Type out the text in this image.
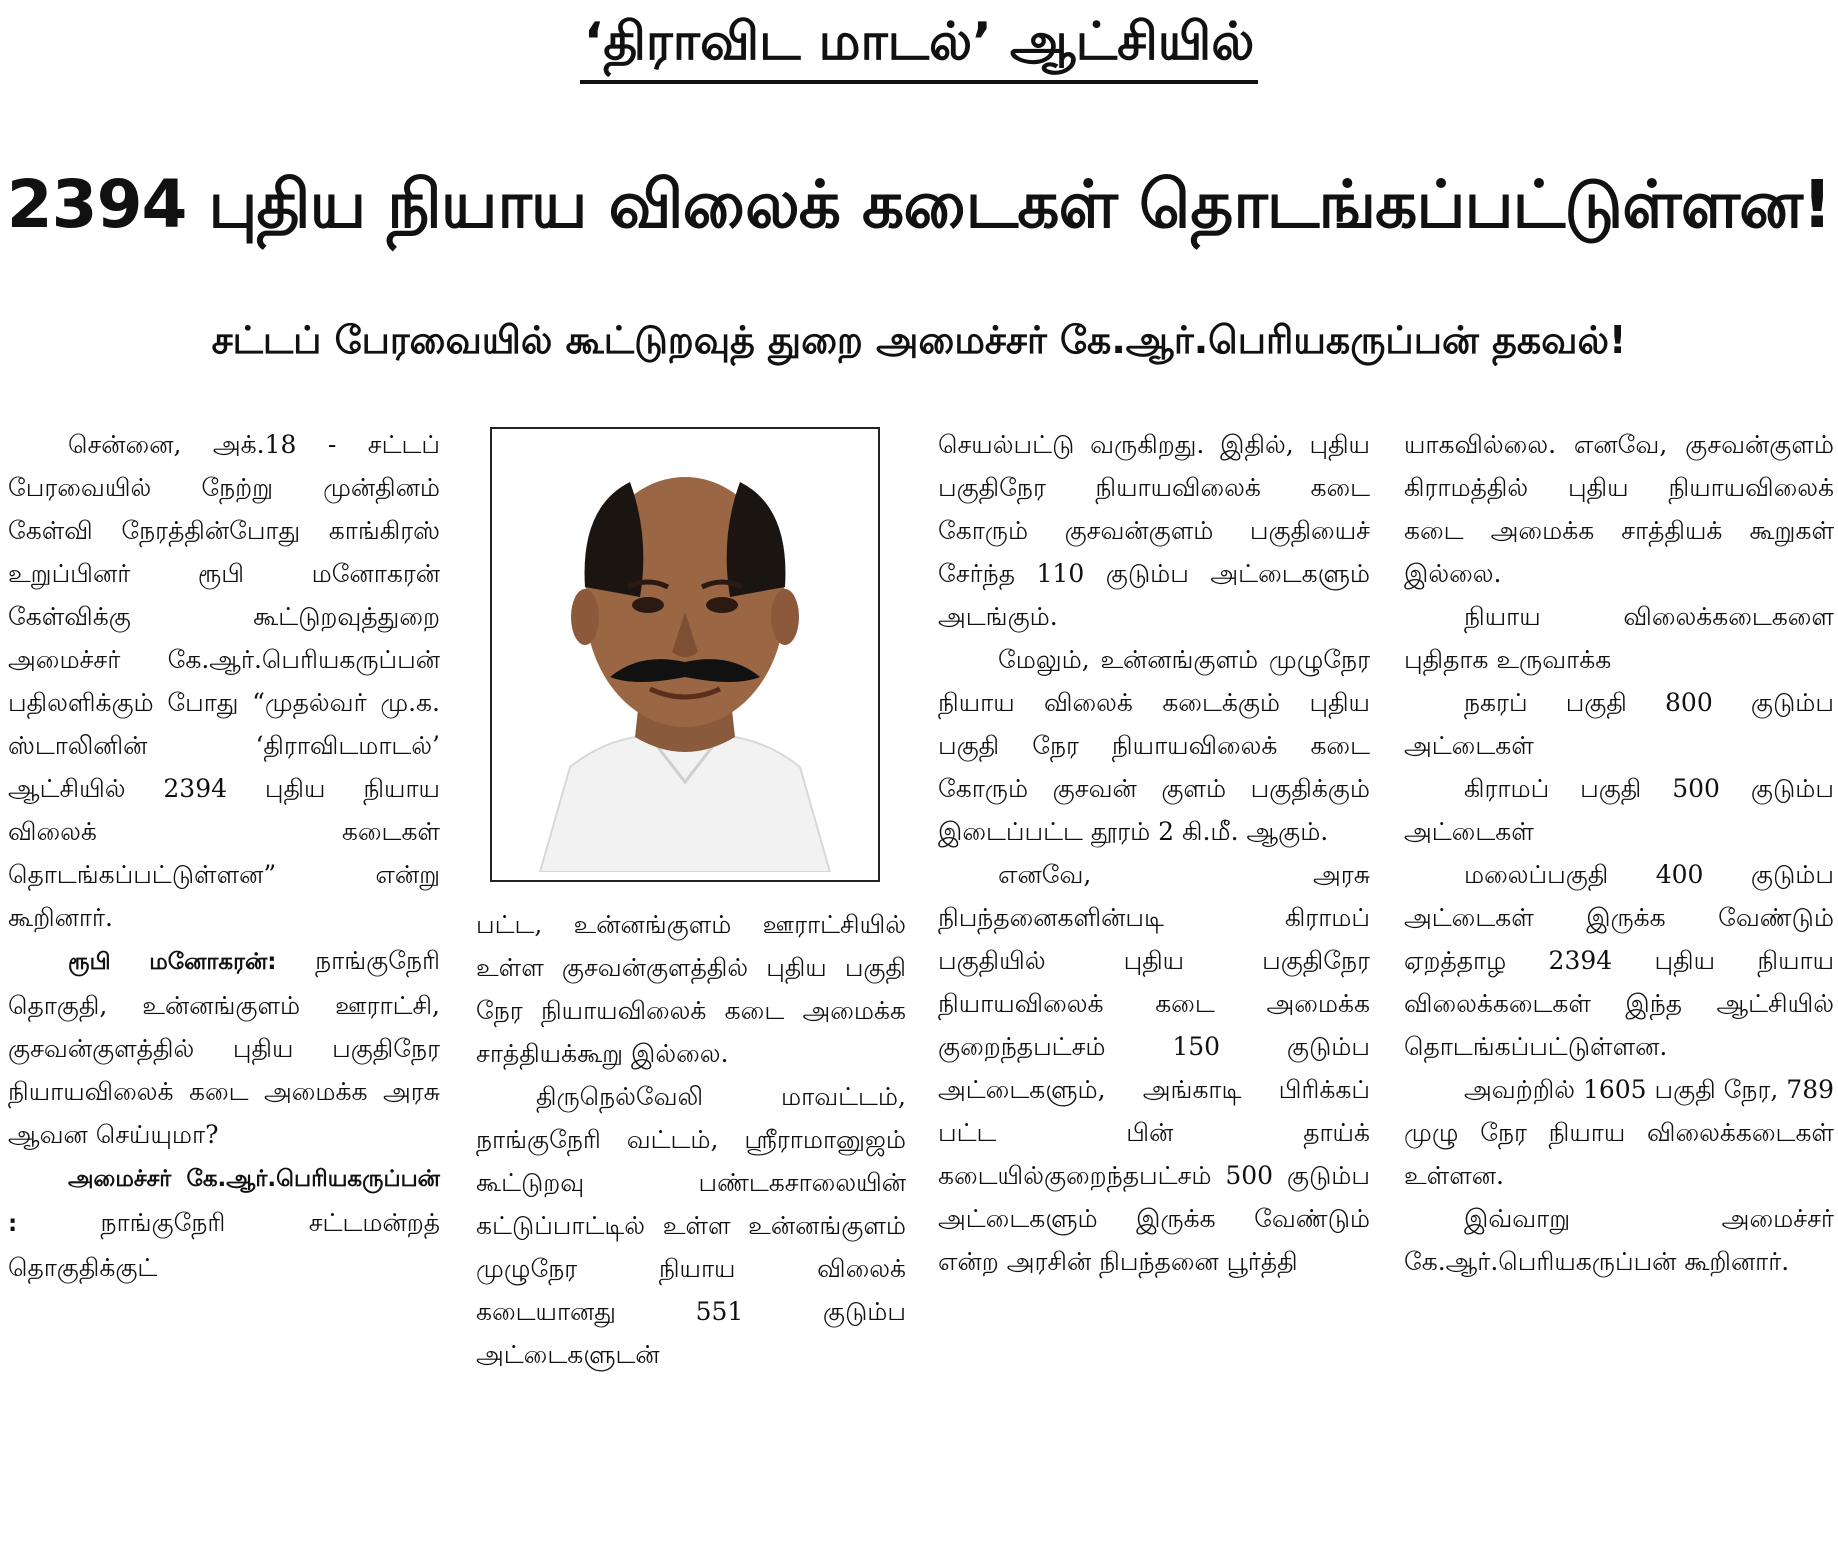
‘திராவிட மாடல்’ ஆட்சியில்
2394 புதிய நியாய விலைக் கடைகள் தொடங்கப்பட்டுள்ளன!
சட்டப் பேரவையில் கூட்டுறவுத் துறை அமைச்சர் கே.ஆர்.பெரியகருப்பன் தகவல்!

சென்னை, அக்.18 - சட்டப் பேரவையில் நேற்று முன்தினம் கேள்வி நேரத்தின்போது காங்கிரஸ் உறுப்பினர் ரூபி மனோகரன் கேள்விக்கு கூட்டுறவுத்துறை அமைச்சர் கே.ஆர்.பெரியகருப்பன் பதிலளிக்கும் போது “முதல்வர் மு.க. ஸ்டாலினின் ‘திராவிடமாடல்’ ஆட்சியில் 2394 புதிய நியாய விலைக் கடைகள் தொடங்கப்பட்டுள்ளன” என்று கூறினார்.

ரூபி மனோகரன்: நாங்குநேரி தொகுதி, உன்னங்குளம் ஊராட்சி, குசவன்குளத்தில் புதிய பகுதிநேர நியாயவிலைக் கடை அமைக்க அரசு ஆவன செய்யுமா?

அமைச்சர் கே.ஆர்.பெரியகருப்பன் :	நாங்குநேரி சட்டமன்றத் தொகுதிக்குட்

பட்ட, உன்னங்குளம் ஊராட்சியில் உள்ள குசவன்குளத்தில் புதிய பகுதி நேர நியாயவிலைக் கடை அமைக்க சாத்தியக்கூறு இல்லை.

திருநெல்வேலி மாவட்டம், நாங்குநேரி வட்டம், ஸ்ரீராமானுஜம் கூட்டுறவு பண்டகசாலையின் கட்டுப்பாட்டில் உள்ள உன்னங்குளம் முழுநேர நியாய விலைக் கடையானது 551 குடும்ப அட்டைகளுடன்

செயல்பட்டு வருகிறது. இதில், புதிய பகுதிநேர நியாயவிலைக் கடை கோரும் குசவன்குளம் பகுதியைச் சேர்ந்த 110 குடும்ப அட்டைகளும் அடங்கும்.

மேலும், உன்னங்குளம் முழுநேர நியாய விலைக் கடைக்கும் புதிய பகுதி நேர நியாயவிலைக் கடை கோரும் குசவன் குளம் பகுதிக்கும் இடைப்பட்ட தூரம் 2 கி.மீ. ஆகும்.

எனவே, அரசு நிபந்தனைகளின்படி கிராமப் பகுதியில் புதிய பகுதிநேர நியாயவிலைக் கடை அமைக்க குறைந்தபட்சம் 150 குடும்ப அட்டைகளும், அங்காடி பிரிக்கப் பட்ட பின் தாய்க் கடையில்குறைந்தபட்சம் 500 குடும்ப அட்டைகளும் இருக்க வேண்டும் என்ற அரசின் நிபந்தனை பூர்த்தி

யாகவில்லை. எனவே, குசவன்குளம் கிராமத்தில் புதிய நியாயவிலைக் கடை அமைக்க சாத்தியக் கூறுகள் இல்லை.

நியாய விலைக்கடைகளை புதிதாக உருவாக்க

நகரப் பகுதி 800 குடும்ப அட்டைகள்

கிராமப் பகுதி 500 குடும்ப அட்டைகள்

மலைப்பகுதி 400 குடும்ப அட்டைகள் இருக்க வேண்டும் ஏறத்தாழ 2394 புதிய நியாய விலைக்கடைகள் இந்த ஆட்சியில் தொடங்கப்பட்டுள்ளன.

அவற்றில் 1605 பகுதி நேர, 789 முழு நேர நியாய விலைக்கடைகள் உள்ளன.

இவ்வாறு அமைச்சர் கே.ஆர்.பெரியகருப்பன் கூறினார்.
